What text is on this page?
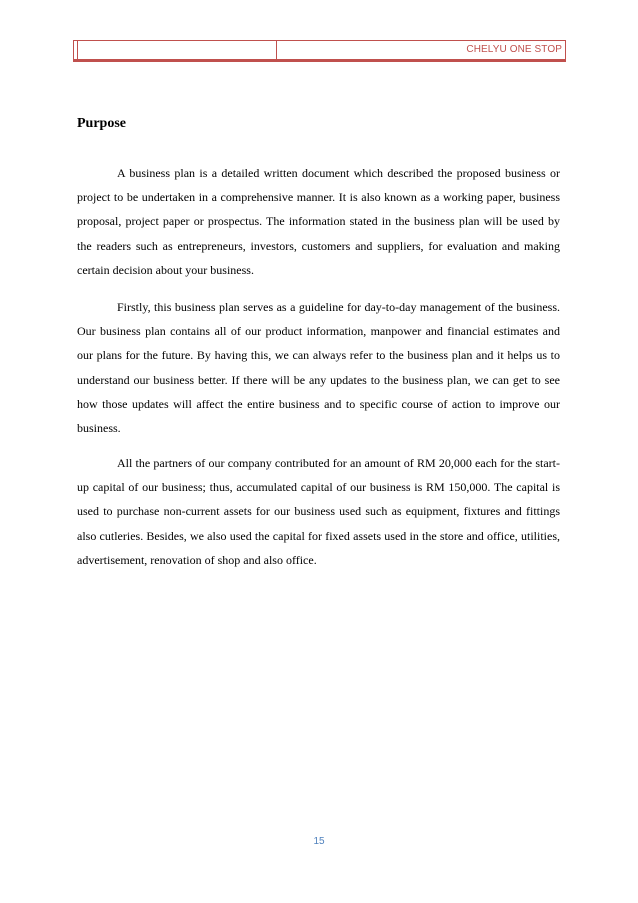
CHELYU ONE STOP
Purpose

A business plan is a detailed written document which described the proposed business or project to be undertaken in a comprehensive manner. It is also known as a working paper, business proposal, project paper or prospectus. The information stated in the business plan will be used by the readers such as entrepreneurs, investors, customers and suppliers, for evaluation and making certain decision about your business.

Firstly, this business plan serves as a guideline for day-to-day management of the business. Our business plan contains all of our product information, manpower and financial estimates and our plans for the future. By having this, we can always refer to the business plan and it helps us to understand our business better. If there will be any updates to the business plan, we can get to see how those updates will affect the entire business and to specific course of action to improve our business.

All the partners of our company contributed for an amount of RM 20,000 each for the start-up capital of our business; thus, accumulated capital of our business is RM 150,000. The capital is used to purchase non-current assets for our business used such as equipment, fixtures and fittings also cutleries. Besides, we also used the capital for fixed assets used in the store and office, utilities, advertisement, renovation of shop and also office.

15
